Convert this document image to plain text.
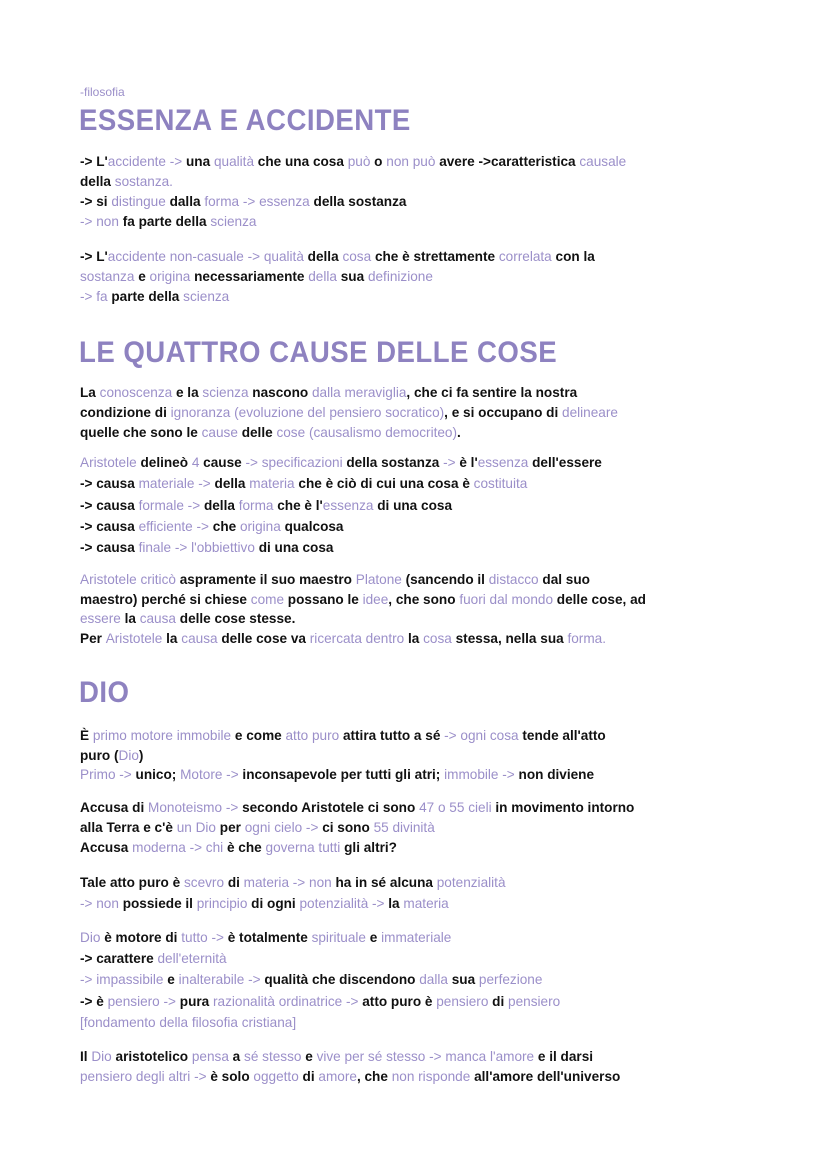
-filosofia
ESSENZA E ACCIDENTE
LE QUATTRO CAUSE DELLE COSE
DIO
-> L'accidente -> una qualità che una cosa può o non può avere ->caratteristica causale
della sostanza.
-> si distingue dalla forma -> essenza della sostanza
-> non fa parte della scienza
-> L'accidente non-casuale -> qualità della cosa che è strettamente correlata con la
sostanza e origina necessariamente della sua definizione
-> fa parte della scienza
La conoscenza e la scienza nascono dalla meraviglia, che ci fa sentire la nostra
condizione di ignoranza (evoluzione del pensiero socratico), e si occupano di delineare
quelle che sono le cause delle cose (causalismo democriteo).
Aristotele delineò 4 cause -> specificazioni della sostanza -> è l'essenza dell'essere
-> causa materiale -> della materia che è ciò di cui una cosa è costituita
-> causa formale -> della forma che è l'essenza di una cosa
-> causa efficiente -> che origina qualcosa
-> causa finale -> l'obbiettivo di una cosa
Aristotele criticò aspramente il suo maestro Platone (sancendo il distacco dal suo
maestro) perché si chiese come possano le idee, che sono fuori dal mondo delle cose, ad
essere la causa delle cose stesse.
Per Aristotele la causa delle cose va ricercata dentro la cosa stessa, nella sua forma.
È primo motore immobile e come atto puro attira tutto a sé -> ogni cosa tende all'atto
puro (Dio)
Primo -> unico; Motore -> inconsapevole per tutti gli atri; immobile -> non diviene
Accusa di Monoteismo -> secondo Aristotele ci sono 47 o 55 cieli in movimento intorno
alla Terra e c'è un Dio per ogni cielo -> ci sono 55 divinità
Accusa moderna -> chi è che governa tutti gli altri?
Tale atto puro è scevro di materia -> non ha in sé alcuna potenzialità
-> non possiede il principio di ogni potenzialità -> la materia
Dio è motore di tutto -> è totalmente spirituale e immateriale
-> carattere dell'eternità
-> impassibile e inalterabile -> qualità che discendono dalla sua perfezione
-> è pensiero -> pura razionalità ordinatrice -> atto puro è pensiero di pensiero
[fondamento della filosofia cristiana]
Il Dio aristotelico pensa a sé stesso e vive per sé stesso -> manca l'amore e il darsi
pensiero degli altri -> è solo oggetto di amore, che non risponde all'amore dell'universo
